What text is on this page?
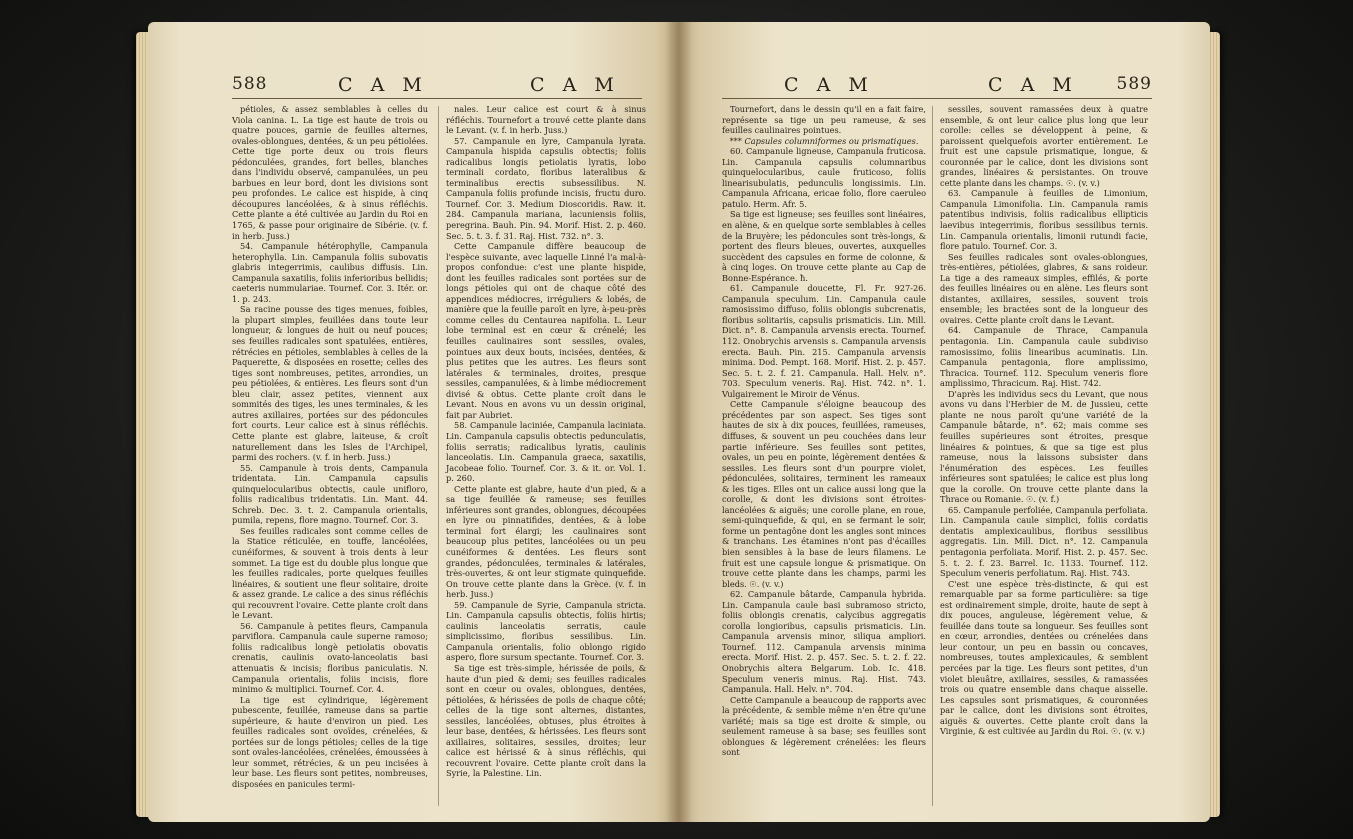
588	C A M	C A M

pétioles, & assez semblables à celles du Viola canina. L. La tige est haute de trois ou quatre pouces, garnie de feuilles alternes, ovales-oblongues, dentées, & un peu pétiolées. Cette tige porte deux ou trois fleurs pédonculées, grandes, fort belles, blanches dans l'individu observé, campanulées, un peu barbues en leur bord, dont les divisions sont peu profondes. Le calice est hispide, à cinq découpures lancéolées, & à sinus réfléchis. Cette plante a été cultivée au Jardin du Roi en 1765, & passe pour originaire de Sibérie. (v. f. in herb. Juss.)

54. Campanule hétérophylle, Campanula heterophylla. Lin. Campanula foliis subovatis glabris integerrimis, caulibus diffusis. Lin. Campanula saxatilis, foliis inferioribus bellidis; caeteris nummulariae. Tournef. Cor. 3. Itér. or. 1. p. 243.

Sa racine pousse des tiges menues, foibles, la plupart simples, feuillées dans toute leur longueur, & longues de huit ou neuf pouces; ses feuilles radicales sont spatulées, entières, rétrécies en pétioles, semblables à celles de la Paquerette, & disposées en rosette; celles des tiges sont nombreuses, petites, arrondies, un peu pétiolées, & entières. Les fleurs sont d'un bleu clair, assez petites, viennent aux sommités des tiges, les unes terminales, & les autres axillaires, portées sur des pédoncules fort courts. Leur calice est à sinus réfléchis. Cette plante est glabre, laiteuse, & croît naturellement dans les Isles de l'Archipel, parmi des rochers. (v. f. in herb. Juss.)

55. Campanule à trois dents, Campanula tridentata. Lin. Campanula capsulis quinquelocularibus obtectis, caule unifloro, foliis radicalibus tridentatis. Lin. Mant. 44. Schreb. Dec. 3. t. 2. Campanula orientalis, pumila, repens, flore magno. Tournef. Cor. 3.

Ses feuilles radicales sont comme celles de la Statice réticulée, en touffe, lancéolées, cunéiformes, & souvent à trois dents à leur sommet. La tige est du double plus longue que les feuilles radicales, porte quelques feuilles linéaires, & soutient une fleur solitaire, droite & assez grande. Le calice a des sinus réfléchis qui recouvrent l'ovaire. Cette plante croît dans le Levant.

56. Campanule à petites fleurs, Campanula parviflora. Campanula caule superne ramoso; foliis radicalibus longè petiolatis obovatis crenatis, caulinis ovato-lanceolatis basi attenuatis & incisis; floribus paniculatis. N. Campanula orientalis, foliis incisis, flore minimo & multiplici. Tournef. Cor. 4.

La tige est cylindrique, légèrement pubescente, feuillée, rameuse dans sa partie supérieure, & haute d'environ un pied. Les feuilles radicales sont ovoïdes, crénelées, & portées sur de longs pétioles; celles de la tige sont ovales-lancéolées, crénelées, émoussées à leur sommet, rétrécies, & un peu incisées à leur base. Les fleurs sont petites, nombreuses, disposées en panicules termi-

nales. Leur calice est court & à sinus réfléchis. Tournefort a trouvé cette plante dans le Levant. (v. f. in herb. Juss.)

57. Campanule en lyre, Campanula lyrata. Campanula hispida capsulis obtectis; foliis radicalibus longis petiolatis lyratis, lobo terminali cordato, floribus lateralibus & terminalibus erectis subsessilibus. N. Campanula foliis profunde incisis, fructu duro. Tournef. Cor. 3. Medium Dioscoridis. Raw. it. 284. Campanula mariana, lacuniensis foliis, peregrina. Bauh. Pin. 94. Morif. Hist. 2. p. 460. Sec. 5. t. 3. f. 31. Raj. Hist. 732. n°. 3.

Cette Campanule diffère beaucoup de l'espèce suivante, avec laquelle Linné l'a mal-à-propos confondue: c'est une plante hispide, dont les feuilles radicales sont portées sur de longs pétioles qui ont de chaque côté des appendices médiocres, irréguliers & lobés, de manière que la feuille paroît en lyre, à-peu-près comme celles du Centaurea napifolia. L. Leur lobe terminal est en cœur & crénelé; les feuilles caulinaires sont sessiles, ovales, pointues aux deux bouts, incisées, dentées, & plus petites que les autres. Les fleurs sont latérales & terminales, droites, presque sessiles, campanulées, & à limbe médiocrement divisé & obtus. Cette plante croît dans le Levant. Nous en avons vu un dessin original, fait par Aubriet.

58. Campanule laciniée, Campanula laciniata. Lin. Campanula capsulis obtectis pedunculatis, foliis serratis; radicalibus lyratis, caulinis lanceolatis. Lin. Campanula graeca, saxatilis, Jacobeae folio. Tournef. Cor. 3. & it. or. Vol. 1. p. 260.

Cette plante est glabre, haute d'un pied, & a sa tige feuillée & rameuse; ses feuilles inférieures sont grandes, oblongues, découpées en lyre ou pinnatifides, dentées, & à lobe terminal fort élargi; les caulinaires sont beaucoup plus petites, lancéolées ou un peu cunéiformes & dentées. Les fleurs sont grandes, pédonculées, terminales & latérales, très-ouvertes, & ont leur stigmate quinquefide. On trouve cette plante dans la Grèce. (v. f. in herb. Juss.)

59. Campanule de Syrie, Campanula stricta. Lin. Campanula capsulis obtectis, foliis hirtis; caulinis lanceolatis serratis, caule simplicissimo, floribus sessilibus. Lin. Campanula orientalis, folio oblongo rigido aspero, flore sursum spectante. Tournef. Cor. 3.

Sa tige est très-simple, hérissée de poils, & haute d'un pied & demi; ses feuilles radicales sont en cœur ou ovales, oblongues, dentées, pétiolées, & hérissées de poils de chaque côté; celles de la tige sont alternes, distantes, sessiles, lancéolées, obtuses, plus étroites à leur base, dentées, & hérissées. Les fleurs sont axillaires, solitaires, sessiles, droites; leur calice est hérissé & à sinus réfléchis, qui recouvrent l'ovaire. Cette plante croît dans la Syrie, la Palestine. Lin.

C A M	C A M 589

Tournefort, dans le dessin qu'il en a fait faire, représente sa tige un peu rameuse, & ses feuilles caulinaires pointues.

*** Capsules columniformes ou prismatiques.

60. Campanule ligneuse, Campanula fruticosa. Lin. Campanula capsulis columnaribus quinquelocularibus, caule fruticoso, foliis linearisubulatis, pedunculis longissimis. Lin. Campanula Africana, ericae folio, flore caeruleo patulo. Herm. Afr. 5.

Sa tige est ligneuse; ses feuilles sont linéaires, en alène, & en quelque sorte semblables à celles de la Bruyère; les pédoncules sont très-longs, & portent des fleurs bleues, ouvertes, auxquelles succèdent des capsules en forme de colonne, & à cinq loges. On trouve cette plante au Cap de Bonne-Espérance. ħ.

61. Campanule doucette, Fl. Fr. 927-26. Campanula speculum. Lin. Campanula caule ramosissimo diffuso, foliis oblongis subcrenatis, floribus solitariis, capsulis prismaticis. Lin. Mill. Dict. n°. 8. Campanula arvensis erecta. Tournef. 112. Onobrychis arvensis s. Campanula arvensis erecta. Bauh. Pin. 215. Campanula arvensis minima. Dod. Pempt. 168. Morif. Hist. 2. p. 457. Sec. 5. t. 2. f. 21. Campanula. Hall. Helv. n°. 703. Speculum veneris. Raj. Hist. 742. n°. 1. Vulgairement le Miroir de Vénus.

Cette Campanule s'éloigne beaucoup des précédentes par son aspect. Ses tiges sont hautes de six à dix pouces, feuillées, rameuses, diffuses, & souvent un peu couchées dans leur partie inférieure. Ses feuilles sont petites, ovales, un peu en pointe, légèrement dentées & sessiles. Les fleurs sont d'un pourpre violet, pédonculées, solitaires, terminent les rameaux & les tiges. Elles ont un calice aussi long que la corolle, & dont les divisions sont étroites-lancéolées & aiguës; une corolle plane, en roue, semi-quinquefide, & qui, en se fermant le soir, forme un pentagône dont les angles sont minces & tranchans. Les étamines n'ont pas d'écailles bien sensibles à la base de leurs filamens. Le fruit est une capsule longue & prismatique. On trouve cette plante dans les champs, parmi les bleds. ☉. (v. v.)

62. Campanule bâtarde, Campanula hybrida. Lin. Campanula caule basi subramoso stricto, foliis oblongis crenatis, calycibus aggregatis corolla longioribus, capsulis prismaticis. Lin. Campanula arvensis minor, siliqua ampliori. Tournef. 112. Campanula arvensis minima erecta. Morif. Hist. 2. p. 457. Sec. 5. t. 2. f. 22. Onobrychis altera Belgarum. Lob. Ic. 418. Speculum veneris minus. Raj. Hist. 743. Campanula. Hall. Helv. n°. 704.

Cette Campanule a beaucoup de rapports avec la précédente, & semble même n'en être qu'une variété; mais sa tige est droite & simple, ou seulement rameuse à sa base; ses feuilles sont oblongues & légèrement crénelées: les fleurs sont

sessiles, souvent ramassées deux à quatre ensemble, & ont leur calice plus long que leur corolle: celles se développent à peine, & paroissent quelquefois avorter entièrement. Le fruit est une capsule prismatique, longue, & couronnée par le calice, dont les divisions sont grandes, linéaires & persistantes. On trouve cette plante dans les champs. ☉. (v. v.)

63. Campanule à feuilles de Limonium, Campanula Limonifolia. Lin. Campanula ramis patentibus indivisis, foliis radicalibus ellipticis laevibus integerrimis, floribus sessilibus ternis. Lin. Campanula orientalis, limonii rutundi facie, flore patulo. Tournef. Cor. 3.

Ses feuilles radicales sont ovales-oblongues, très-entières, pétiolées, glabres, & sans roideur. La tige a des rameaux simples, effilés, & porte des feuilles linéaires ou en alène. Les fleurs sont distantes, axillaires, sessiles, souvent trois ensemble; les bractées sont de la longueur des ovaires. Cette plante croît dans le Levant.

64. Campanule de Thrace, Campanula pentagonia. Lin. Campanula caule subdiviso ramosissimo, foliis linearibus acuminatis. Lin. Campanula pentagonia, flore amplissimo, Thracica. Tournef. 112. Speculum veneris flore amplissimo, Thracicum. Raj. Hist. 742.

D'après les individus secs du Levant, que nous avons vu dans l'Herbier de M. de Jussieu, cette plante ne nous paroît qu'une variété de la Campanule bâtarde, n°. 62; mais comme ses feuilles supérieures sont étroites, presque linéaires & pointues, & que sa tige est plus rameuse, nous la laissons subsister dans l'énumération des espèces. Les feuilles inférieures sont spatulées; le calice est plus long que la corolle. On trouve cette plante dans la Thrace ou Romanie. ☉. (v. f.)

65. Campanule perfoliée, Campanula perfoliata. Lin. Campanula caule simplici, foliis cordatis dentatis amplexicaulibus, floribus sessilibus aggregatis. Lin. Mill. Dict. n°. 12. Campanula pentagonia perfoliata. Morif. Hist. 2. p. 457. Sec. 5. t. 2. f. 23. Barrel. Ic. 1133. Tournef. 112. Speculum veneris perfoliatum. Raj. Hist. 743.

C'est une espèce très-distincte, & qui est remarquable par sa forme particulière: sa tige est ordinairement simple, droite, haute de sept à dix pouces, anguleuse, légèrement velue, & feuillée dans toute sa longueur. Ses feuilles sont en cœur, arrondies, dentées ou crénelées dans leur contour, un peu en bassin ou concaves, nombreuses, toutes amplexicaules, & semblent percées par la tige. Les fleurs sont petites, d'un violet bleuâtre, axillaires, sessiles, & ramassées trois ou quatre ensemble dans chaque aisselle. Les capsules sont prismatiques, & couronnées par le calice, dont les divisions sont étroites, aiguës & ouvertes. Cette plante croît dans la Virginie, & est cultivée au Jardin du Roi. ☉. (v. v.)
